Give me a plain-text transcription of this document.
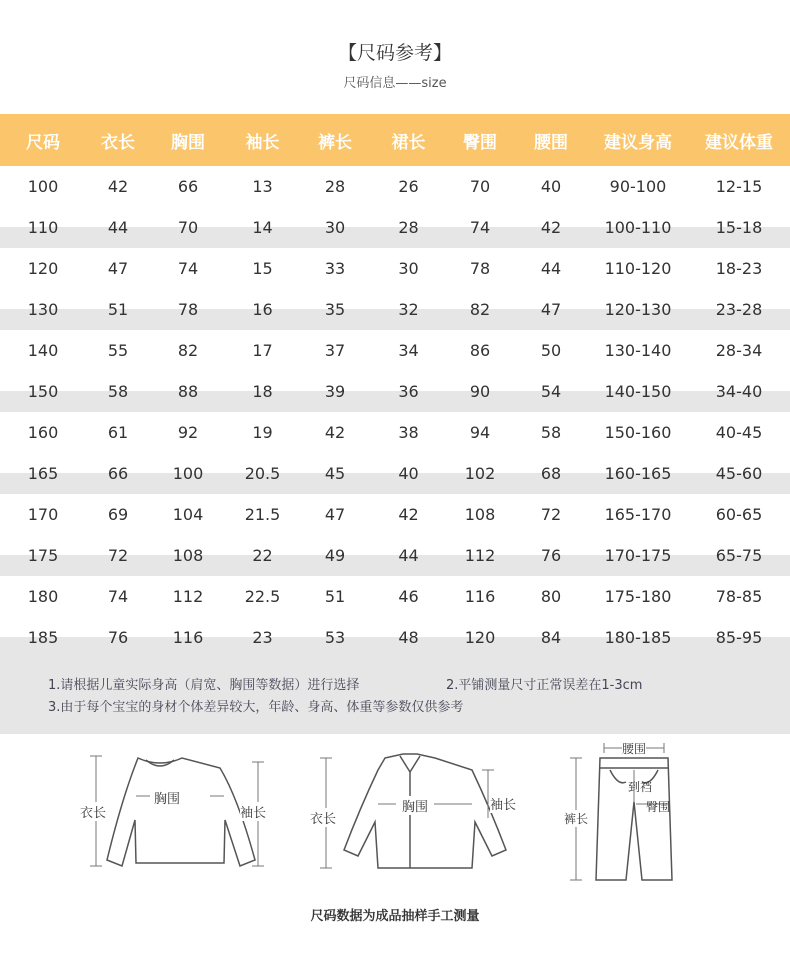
【尺码参考】
尺码信息——size
尺码	衣长	胸围	袖长	裤长	裙长	臀围	腰围	建议身高	建议体重
100	42	66	13	28	26	70	40	90-100	12-15
110	44	70	14	30	28	74	42	100-110	15-18
120	47	74	15	33	30	78	44	110-120	18-23
130	51	78	16	35	32	82	47	120-130	23-28
140	55	82	17	37	34	86	50	130-140	28-34
150	58	88	18	39	36	90	54	140-150	34-40
160	61	92	19	42	38	94	58	150-160	40-45
165	66	100	20.5	45	40	102	68	160-165	45-60
170	69	104	21.5	47	42	108	72	165-170	60-65
175	72	108	22	49	44	112	76	170-175	65-75
180	74	112	22.5	51	46	116	80	175-180	78-85
185	76	116	23	53	48	120	84	180-185	85-95
1.请根据儿童实际身高（肩宽、胸围等数据）进行选择	2.平铺测量尺寸正常误差在1-3cm
3.由于每个宝宝的身材个体差异较大，年龄、身高、体重等参数仅供参考
衣长
胸围
袖长	衣长
胸围	袖长
腰围
到裆
臀围
裤长
尺码数据为成品抽样手工测量
